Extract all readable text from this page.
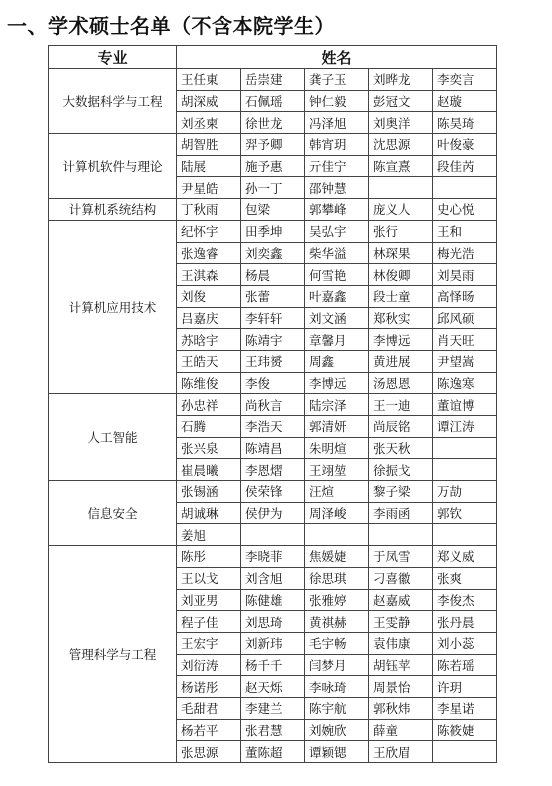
一、学术硕士名单（不含本院学生）
专业	姓名				
大数据科学与工程	王任東	岳崇建	龚子玉	刘晔龙	李奕言
	胡深威	石佩瑶	钟仁毅	彭冠文	赵璇
	刘丞柬	徐世龙	冯泽旭	刘奥洋	陈昊琦
计算机软件与理论	胡智胜	羿予卿	韩宵玥	沈思源	叶俊豪
	陆展	施予惠	亓佳宁	陈宣熹	段佳芮
	尹星皓	孙一丁	邵钟慧		
计算机系统结构	丁秋雨	包梁	郭攀峰	庞义人	史心悦
计算机应用技术	纪怀宇	田季坤	吴弘宇	张行	王和
	张逸睿	刘奕鑫	柴华溢	林琛果	梅光浩
	王淇森	杨晨	何雪艳	林俊卿	刘昊雨
	刘俊	张蕾	叶嘉鑫	段士童	高怿旸
	吕嘉庆	李轩轩	刘文涵	郑秋实	邱风硕
	苏晗宇	陈靖宇	章馨月	李博远	肖天旺
	王皓天	王玮赟	周鑫	黄进展	尹望嵩
	陈维俊	李俊	李博远	汤恩恩	陈逸寒
人工智能	孙忠祥	尚秋言	陆宗泽	王一迪	董谊博
	石腾	李浩天	郭清妍	尚辰铭	谭江涛
	张兴泉	陈靖昌	朱明煊	张天秋	
	崔晨曦	李恩熠	王翊堃	徐振戈	
信息安全	张锡涵	侯荣锋	汪煊	黎子梁	万劼
	胡诚琳	侯伊为	周泽峻	李雨函	郭钦
	姜旭				
管理科学与工程	陈彤	李晓菲	焦媛婕	于凤雪	郑义威
	王以戈	刘含旭	徐思琪	刁喜徽	张爽
	刘亚男	陈健雄	张雅婷	赵嘉威	李俊杰
	程子佳	刘思琦	黄祺赫	王雯静	张丹晨
	王宏宇	刘新玮	毛宇畅	袁伟康	刘小蕊
	刘衍涛	杨千千	闫梦月	胡钰苹	陈若瑶
	杨诺彤	赵天烁	李咏琦	周景怡	许玥
	毛甜君	李建兰	陈宇航	郭秋炜	李星诺
	杨若平	张君慧	刘婉欣	薛童	陈筱婕
	张思源	董陈超	谭颖锶	王欣眉	
